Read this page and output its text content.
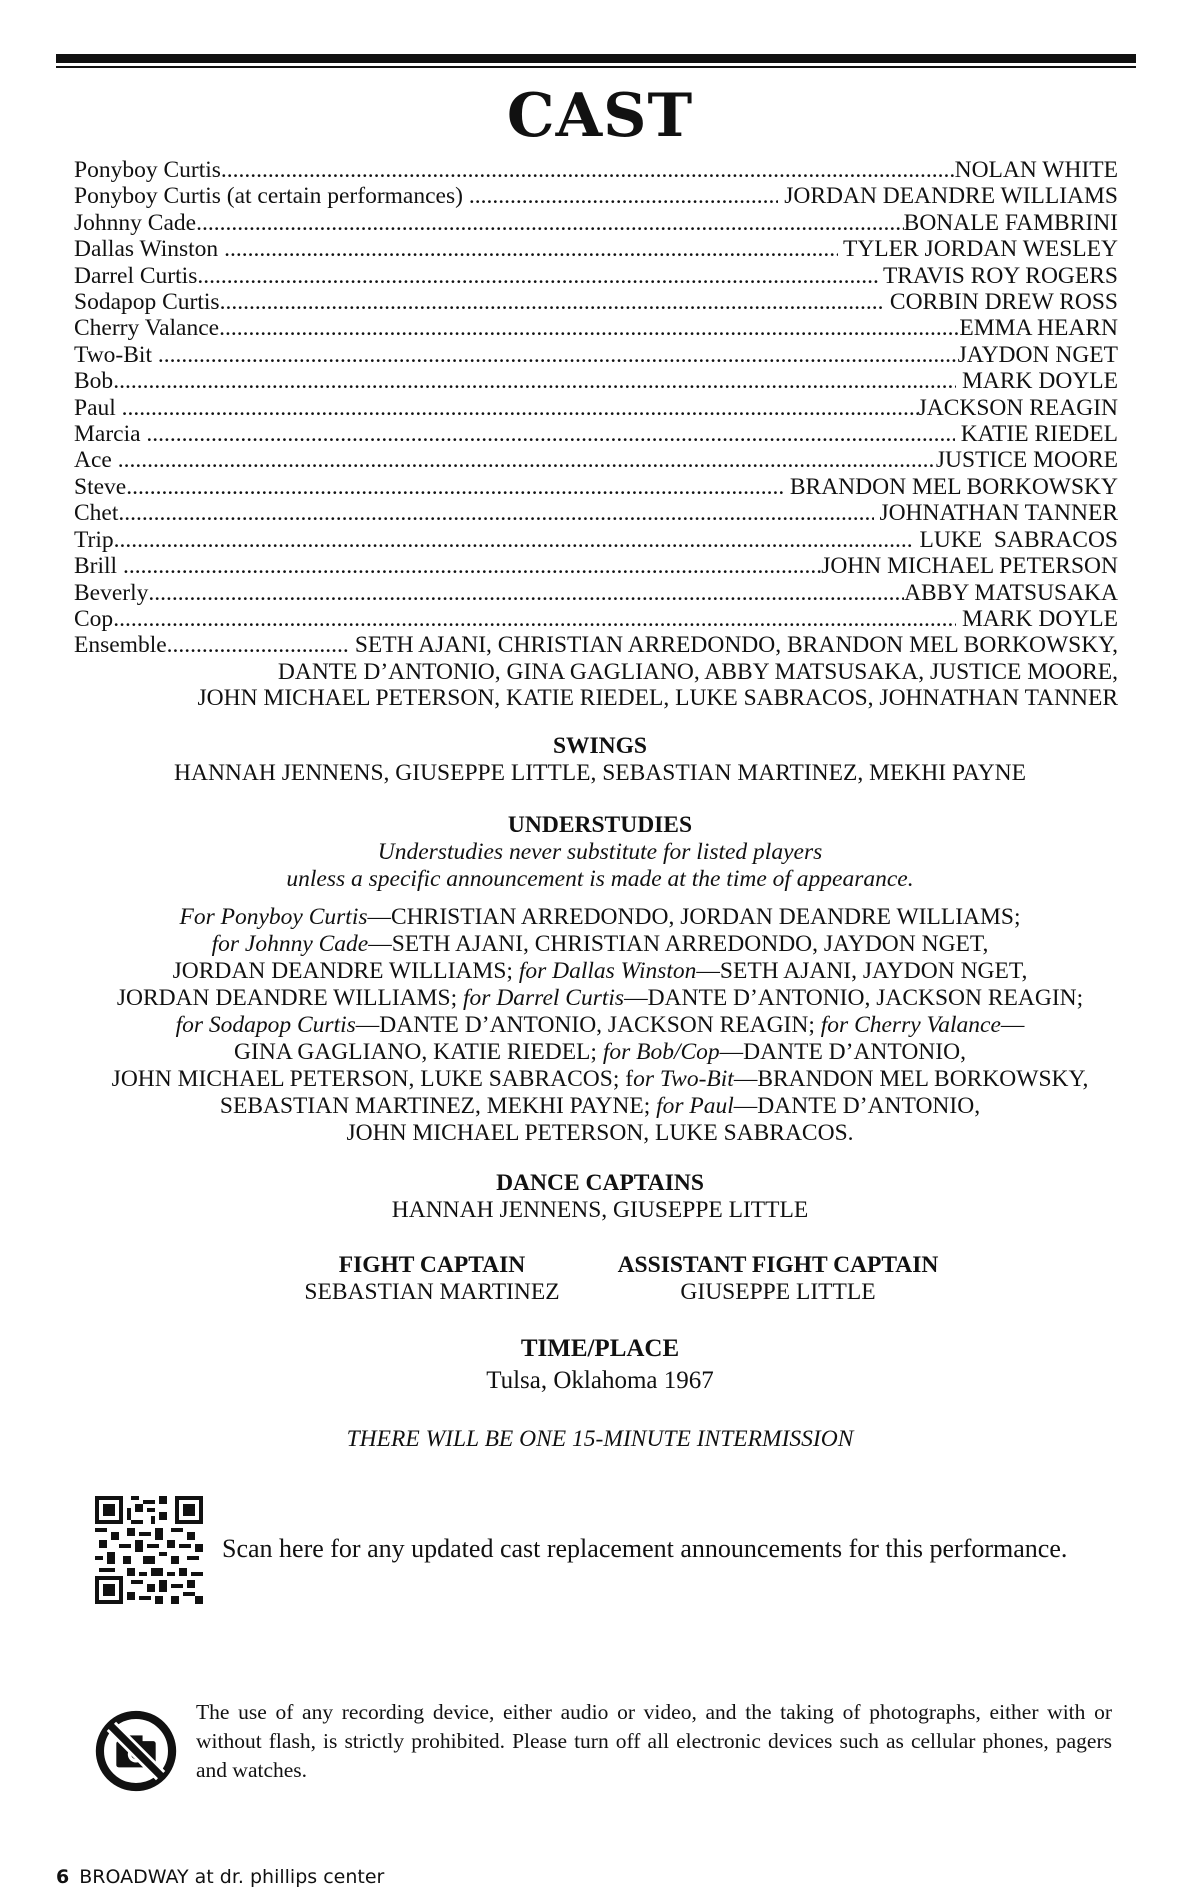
CAST
Ponyboy Curtis .....	NOLAN WHITE
Ponyboy Curtis (at certain performances) .....	JORDAN DEANDRE WILLIAMS
Johnny Cade .....	BONALE FAMBRINI
Dallas Winston .....	TYLER JORDAN WESLEY
Darrel Curtis .....	TRAVIS ROY ROGERS
Sodapop Curtis .....	CORBIN DREW ROSS
Cherry Valance .....	EMMA HEARN
Two-Bit .....	JAYDON NGET
Bob .....	MARK DOYLE
Paul .....	JACKSON REAGIN
Marcia .....	KATIE RIEDEL
Ace .....	JUSTICE MOORE
Steve .....	BRANDON MEL BORKOWSKY
Chet .....	JOHNATHAN TANNER
Trip .....	LUKE  SABRACOS
Brill .....	JOHN MICHAEL PETERSON
Beverly .....	ABBY MATSUSAKA
Cop .....	MARK DOYLE
Ensemble .....	SETH AJANI, CHRISTIAN ARREDONDO, BRANDON MEL BORKOWSKY,
DANTE D’ANTONIO, GINA GAGLIANO, ABBY MATSUSAKA, JUSTICE MOORE,
JOHN MICHAEL PETERSON, KATIE RIEDEL, LUKE SABRACOS, JOHNATHAN TANNER
SWINGS
HANNAH JENNENS, GIUSEPPE LITTLE, SEBASTIAN MARTINEZ, MEKHI PAYNE
UNDERSTUDIES
Understudies never substitute for listed players
unless a specific announcement is made at the time of appearance.
For Ponyboy Curtis—CHRISTIAN ARREDONDO, JORDAN DEANDRE WILLIAMS;
for Johnny Cade—SETH AJANI, CHRISTIAN ARREDONDO, JAYDON NGET,
JORDAN DEANDRE WILLIAMS; for Dallas Winston—SETH AJANI, JAYDON NGET,
JORDAN DEANDRE WILLIAMS; for Darrel Curtis—DANTE D’ANTONIO, JACKSON REAGIN;
for Sodapop Curtis—DANTE D’ANTONIO, JACKSON REAGIN; for Cherry Valance—
GINA GAGLIANO, KATIE RIEDEL; for Bob/Cop—DANTE D’ANTONIO,
JOHN MICHAEL PETERSON, LUKE SABRACOS; for Two-Bit—BRANDON MEL BORKOWSKY,
SEBASTIAN MARTINEZ, MEKHI PAYNE; for Paul—DANTE D’ANTONIO,
JOHN MICHAEL PETERSON, LUKE SABRACOS.
DANCE CAPTAINS
HANNAH JENNENS, GIUSEPPE LITTLE
FIGHT CAPTAIN
SEBASTIAN MARTINEZ
ASSISTANT FIGHT CAPTAIN
GIUSEPPE LITTLE
TIME/PLACE
Tulsa, Oklahoma 1967
THERE WILL BE ONE 15-MINUTE INTERMISSION
Scan here for any updated cast replacement announcements for this performance.
The use of any recording device, either audio or video, and the taking of photographs, either with or without flash, is strictly prohibited. Please turn off all electronic devices such as cellular phones, pagers and watches.
6 BROADWAY at dr. phillips center
